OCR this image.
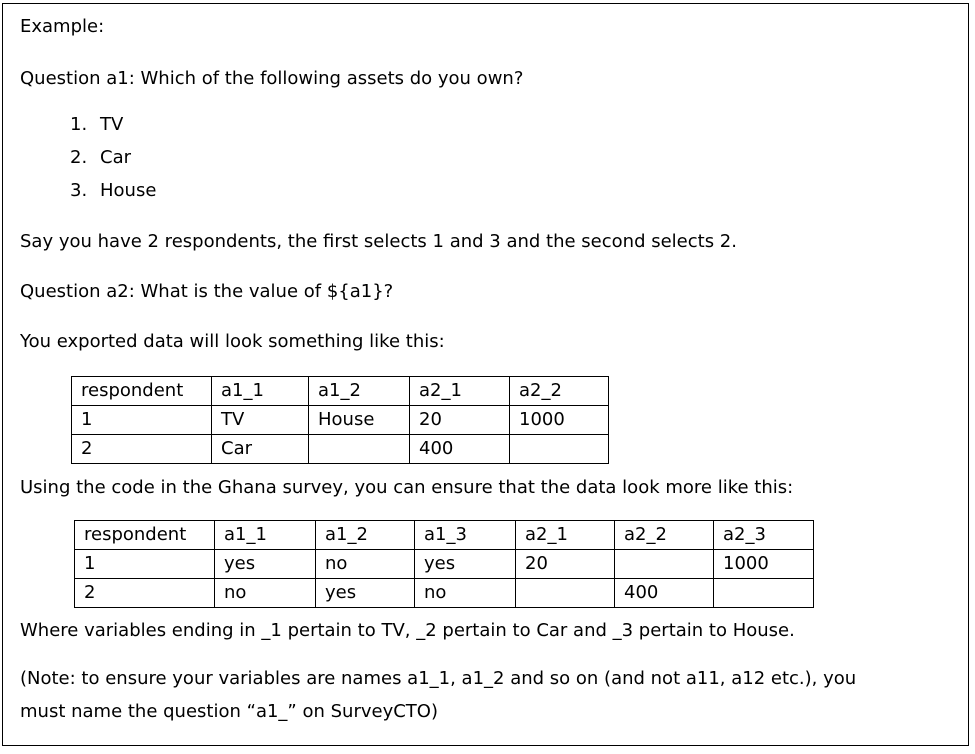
Example:

Question a1: Which of the following assets do you own?

1. TV
2. Car
3. House

Say you have 2 respondents, the first selects 1 and 3 and the second selects 2.

Question a2: What is the value of ${a1}?

You exported data will look something like this:

respondent	a1_1	a1_2	a2_1	a2_2
1	TV	House	20	1000
2	Car		400	

Using the code in the Ghana survey, you can ensure that the data look more like this:

respondent	a1_1	a1_2	a1_3	a2_1	a2_2	a2_3
1	yes	no	yes	20		1000
2	no	yes	no		400	

Where variables ending in _1 pertain to TV, _2 pertain to Car and _3 pertain to House.

(Note: to ensure your variables are names a1_1, a1_2 and so on (and not a11, a12 etc.), you

must name the question “a1_” on SurveyCTO)
